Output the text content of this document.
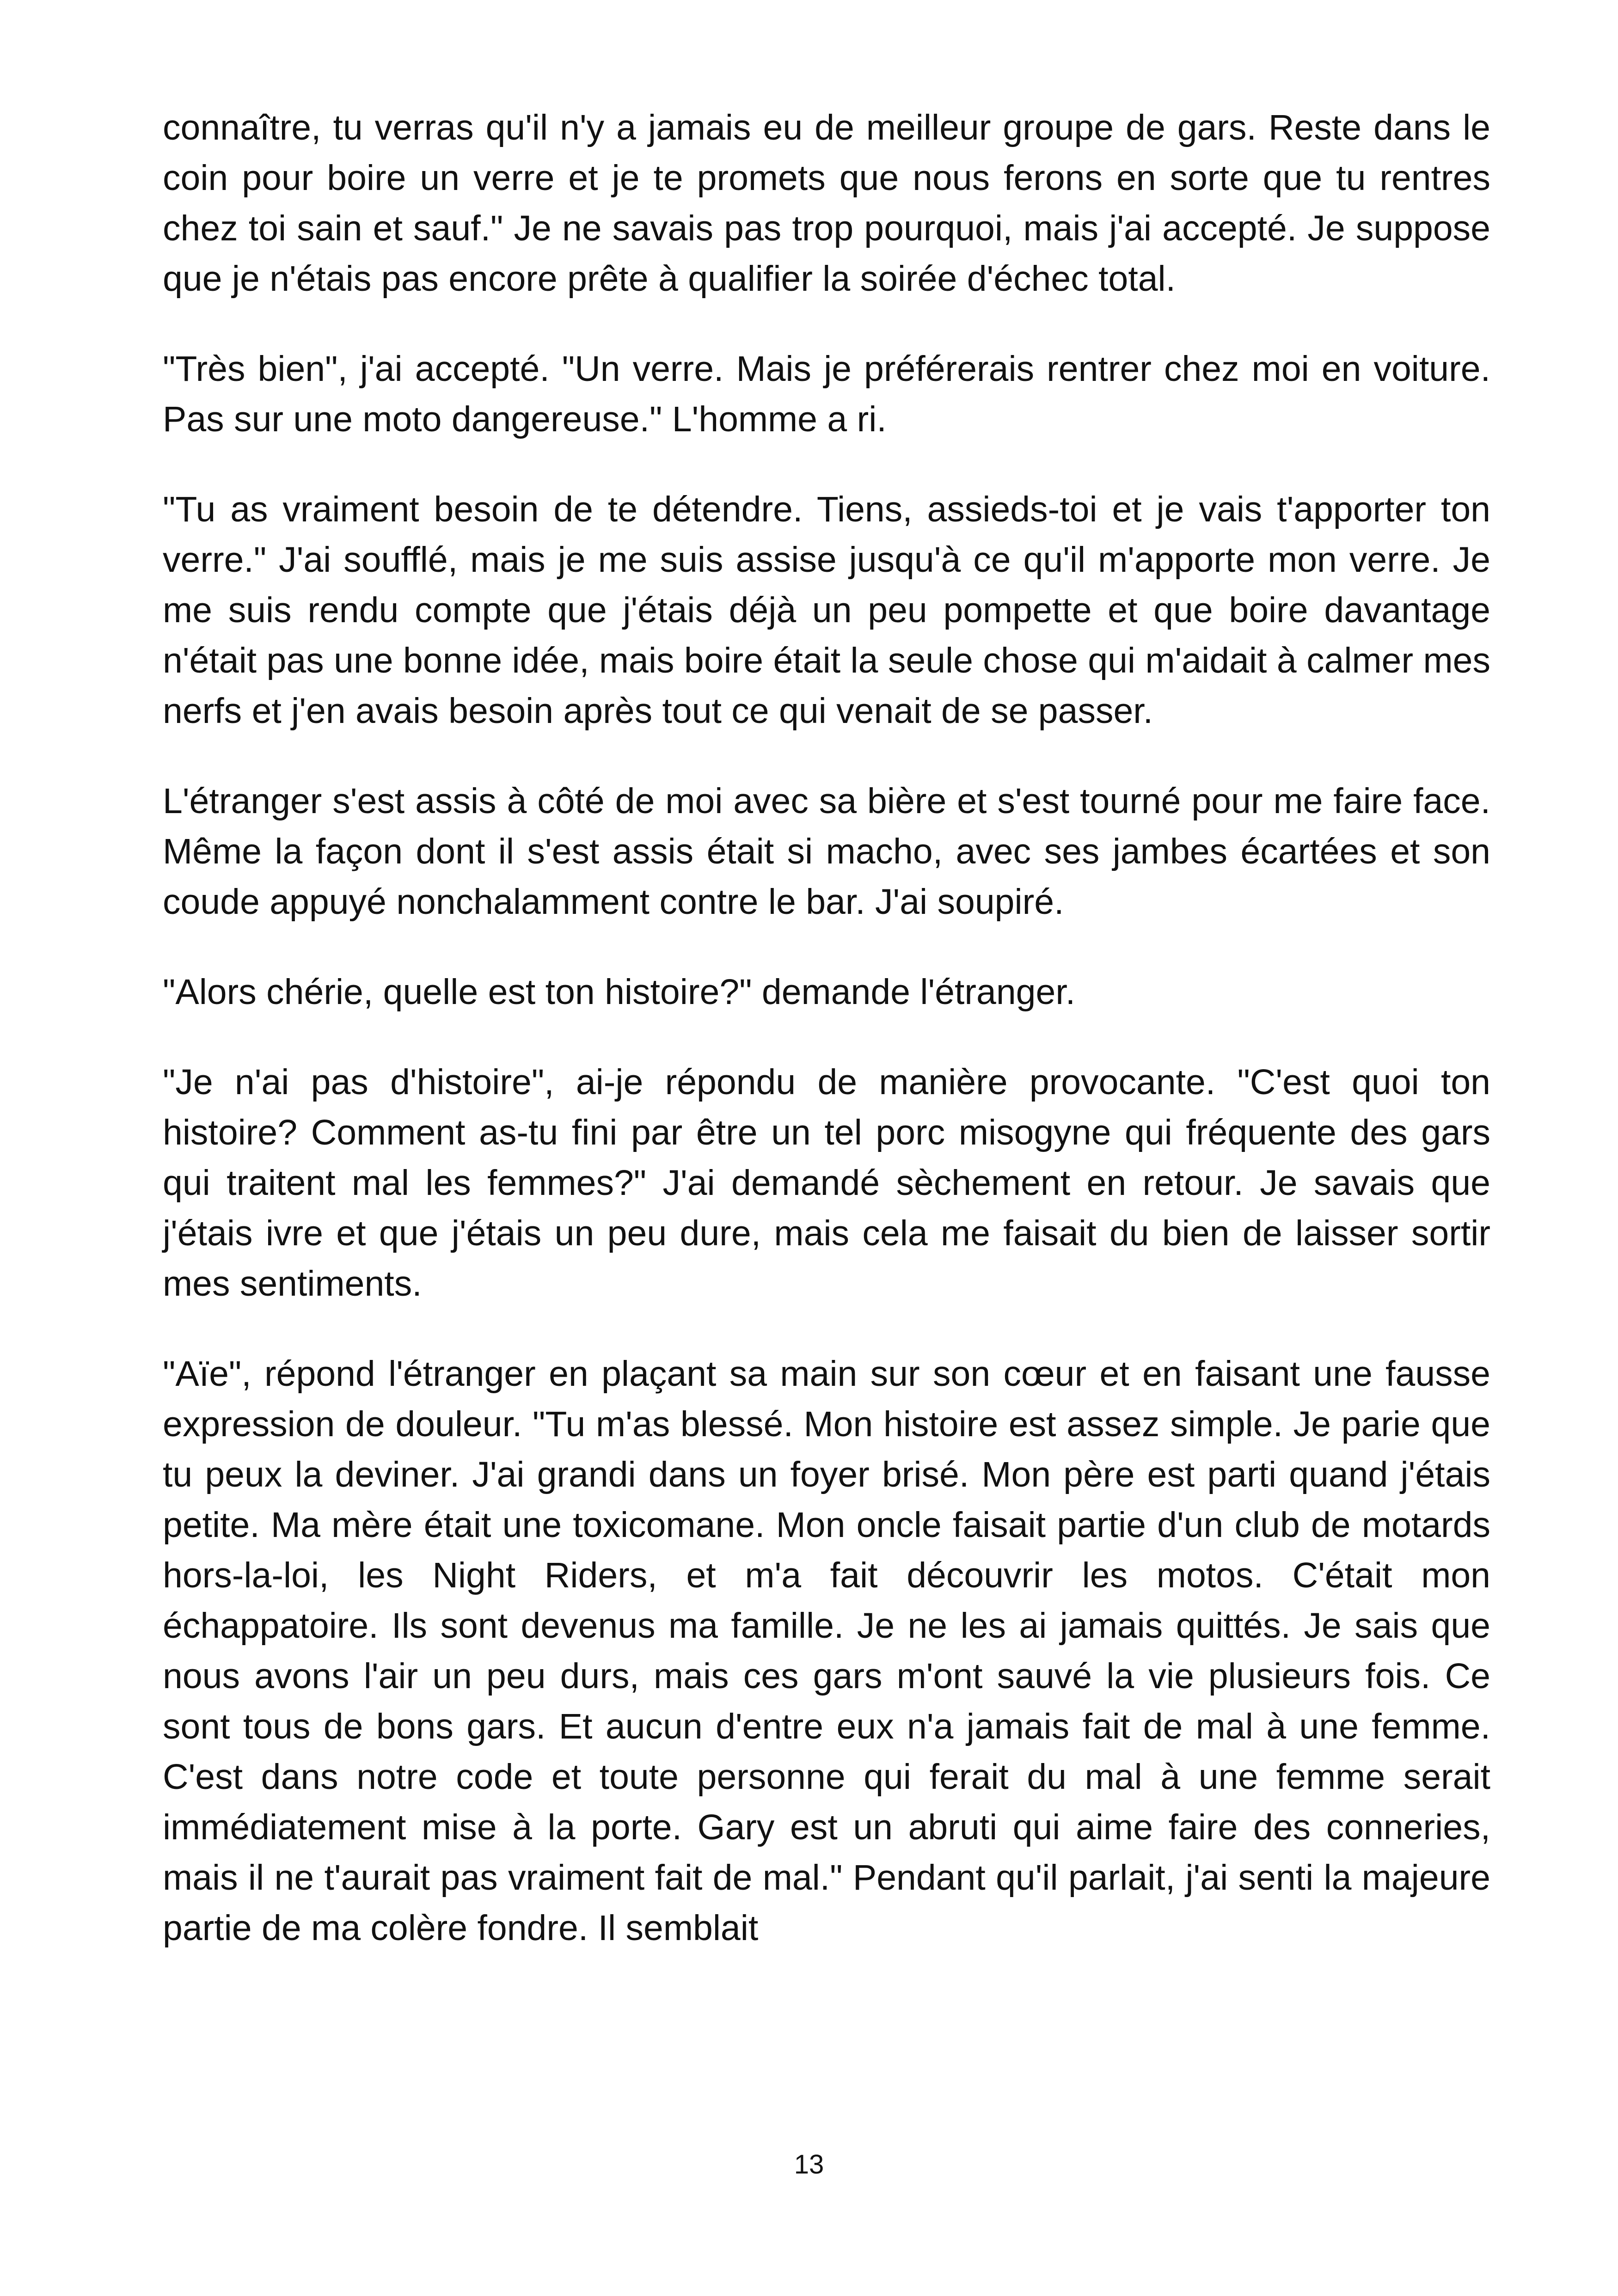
connaître, tu verras qu'il n'y a jamais eu de meilleur groupe de gars. Reste dans le coin pour boire un verre et je te promets que nous ferons en sorte que tu rentres chez toi sain et sauf." Je ne savais pas trop pourquoi, mais j'ai accepté. Je suppose que je n'étais pas encore prête à qualifier la soirée d'échec total.

"Très bien", j'ai accepté. "Un verre. Mais je préférerais rentrer chez moi en voiture. Pas sur une moto dangereuse." L'homme a ri.

"Tu as vraiment besoin de te détendre. Tiens, assieds-toi et je vais t'apporter ton verre." J'ai soufflé, mais je me suis assise jusqu'à ce qu'il m'apporte mon verre. Je me suis rendu compte que j'étais déjà un peu pompette et que boire davantage n'était pas une bonne idée, mais boire était la seule chose qui m'aidait à calmer mes nerfs et j'en avais besoin après tout ce qui venait de se passer.

L'étranger s'est assis à côté de moi avec sa bière et s'est tourné pour me faire face. Même la façon dont il s'est assis était si macho, avec ses jambes écartées et son coude appuyé nonchalamment contre le bar. J'ai soupiré.

"Alors chérie, quelle est ton histoire?" demande l'étranger.

"Je n'ai pas d'histoire", ai-je répondu de manière provocante. "C'est quoi ton histoire? Comment as-tu fini par être un tel porc misogyne qui fréquente des gars qui traitent mal les femmes?" J'ai demandé sèchement en retour. Je savais que j'étais ivre et que j'étais un peu dure, mais cela me faisait du bien de laisser sortir mes sentiments.

"Aïe", répond l'étranger en plaçant sa main sur son cœur et en faisant une fausse expression de douleur. "Tu m'as blessé. Mon histoire est assez simple. Je parie que tu peux la deviner. J'ai grandi dans un foyer brisé. Mon père est parti quand j'étais petite. Ma mère était une toxicomane. Mon oncle faisait partie d'un club de motards hors-la-loi, les Night Riders, et m'a fait découvrir les motos. C'était mon échappatoire. Ils sont devenus ma famille. Je ne les ai jamais quittés. Je sais que nous avons l'air un peu durs, mais ces gars m'ont sauvé la vie plusieurs fois. Ce sont tous de bons gars. Et aucun d'entre eux n'a jamais fait de mal à une femme. C'est dans notre code et toute personne qui ferait du mal à une femme serait immédiatement mise à la porte. Gary est un abruti qui aime faire des conneries, mais il ne t'aurait pas vraiment fait de mal." Pendant qu'il parlait, j'ai senti la majeure partie de ma colère fondre. Il semblait

13
